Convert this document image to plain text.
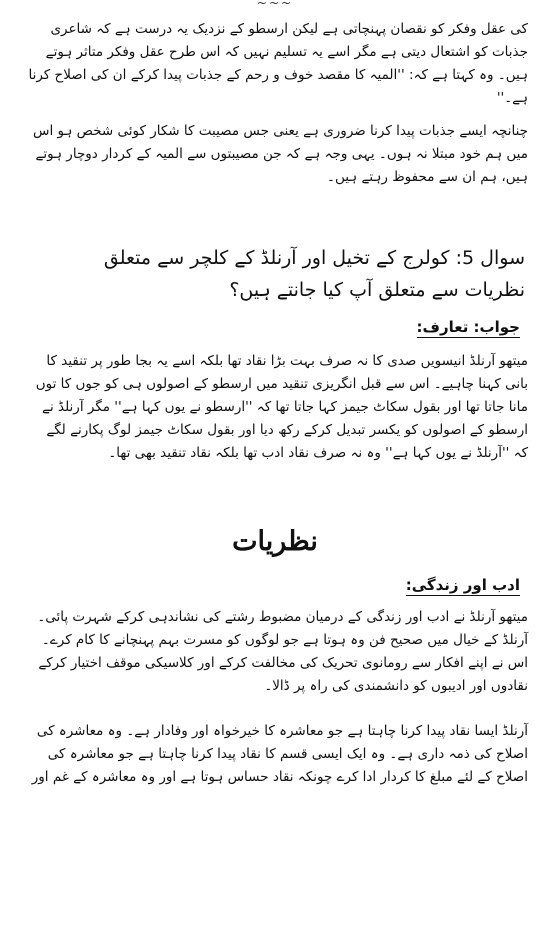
~~~

کی عقل وفکر کو نقصان پہنچاتی ہے لیکن ارسطو کے نزدیک یہ درست ہے کہ شاعری جذبات کو اشتعال دیتی ہے مگر اسے یہ تسلیم نہیں کہ اس طرح عقل وفکر متاثر ہوتے ہیں۔ وہ کہتا ہے کہ: ''المیہ کا مقصد خوف و رحم کے جذبات پیدا کرکے ان کی اصلاح کرنا ہے۔''

چنانچہ ایسے جذبات پیدا کرنا ضروری ہے یعنی جس مصیبت کا شکار کوئی شخص ہو اس میں ہم خود مبتلا نہ ہوں۔ یہی وجہ ہے کہ جن مصیبتوں سے المیہ کے کردار دوچار ہوتے ہیں، ہم ان سے محفوظ رہتے ہیں۔

سوال 5: کولرج کے تخیل اور آرنلڈ کے کلچر سے متعلق نظریات سے متعلق آپ کیا جانتے ہیں؟

جواب: تعارف:

میتھو آرنلڈ انیسویں صدی کا نہ صرف بہت بڑا نقاد تھا بلکہ اسے یہ بجا طور پر تنقید کا بانی کہنا چاہیے۔ اس سے قبل انگریزی تنقید میں ارسطو کے اصولوں ہی کو جوں کا توں مانا جاتا تھا اور بقول سکاٹ جیمز کہا جاتا تھا کہ ''ارسطو نے یوں کہا ہے'' مگر آرنلڈ نے ارسطو کے اصولوں کو یکسر تبدیل کرکے رکھ دیا اور بقول سکاٹ جیمز لوگ پکارنے لگے کہ ''آرنلڈ نے یوں کہا ہے'' وہ نہ صرف نقاد ادب تھا بلکہ نقاد تنقید بھی تھا۔

نظریات
ادب اور زندگی:

میتھو آرنلڈ نے ادب اور زندگی کے درمیان مضبوط رشتے کی نشاندہی کرکے شہرت پائی۔ آرنلڈ کے خیال میں صحیح فن وہ ہوتا ہے جو لوگوں کو مسرت بہم پہنچانے کا کام کرے۔ اس نے اپنے افکار سے رومانوی تحریک کی مخالفت کرکے اور کلاسیکی موقف اختیار کرکے نقادوں اور ادیبوں کو دانشمندی کی راہ پر ڈالا۔

آرنلڈ ایسا نقاد پیدا کرنا چاہتا ہے جو معاشرہ کا خیرخواہ اور وفادار ہے۔ وہ معاشرہ کی اصلاح کی ذمہ داری ہے۔ وہ ایک ایسی قسم کا نقاد پیدا کرنا چاہتا ہے جو معاشرہ کی اصلاح کے لئے مبلغ کا کردار ادا کرے چونکہ نقاد حساس ہوتا ہے اور وہ معاشرہ کے غم اور
